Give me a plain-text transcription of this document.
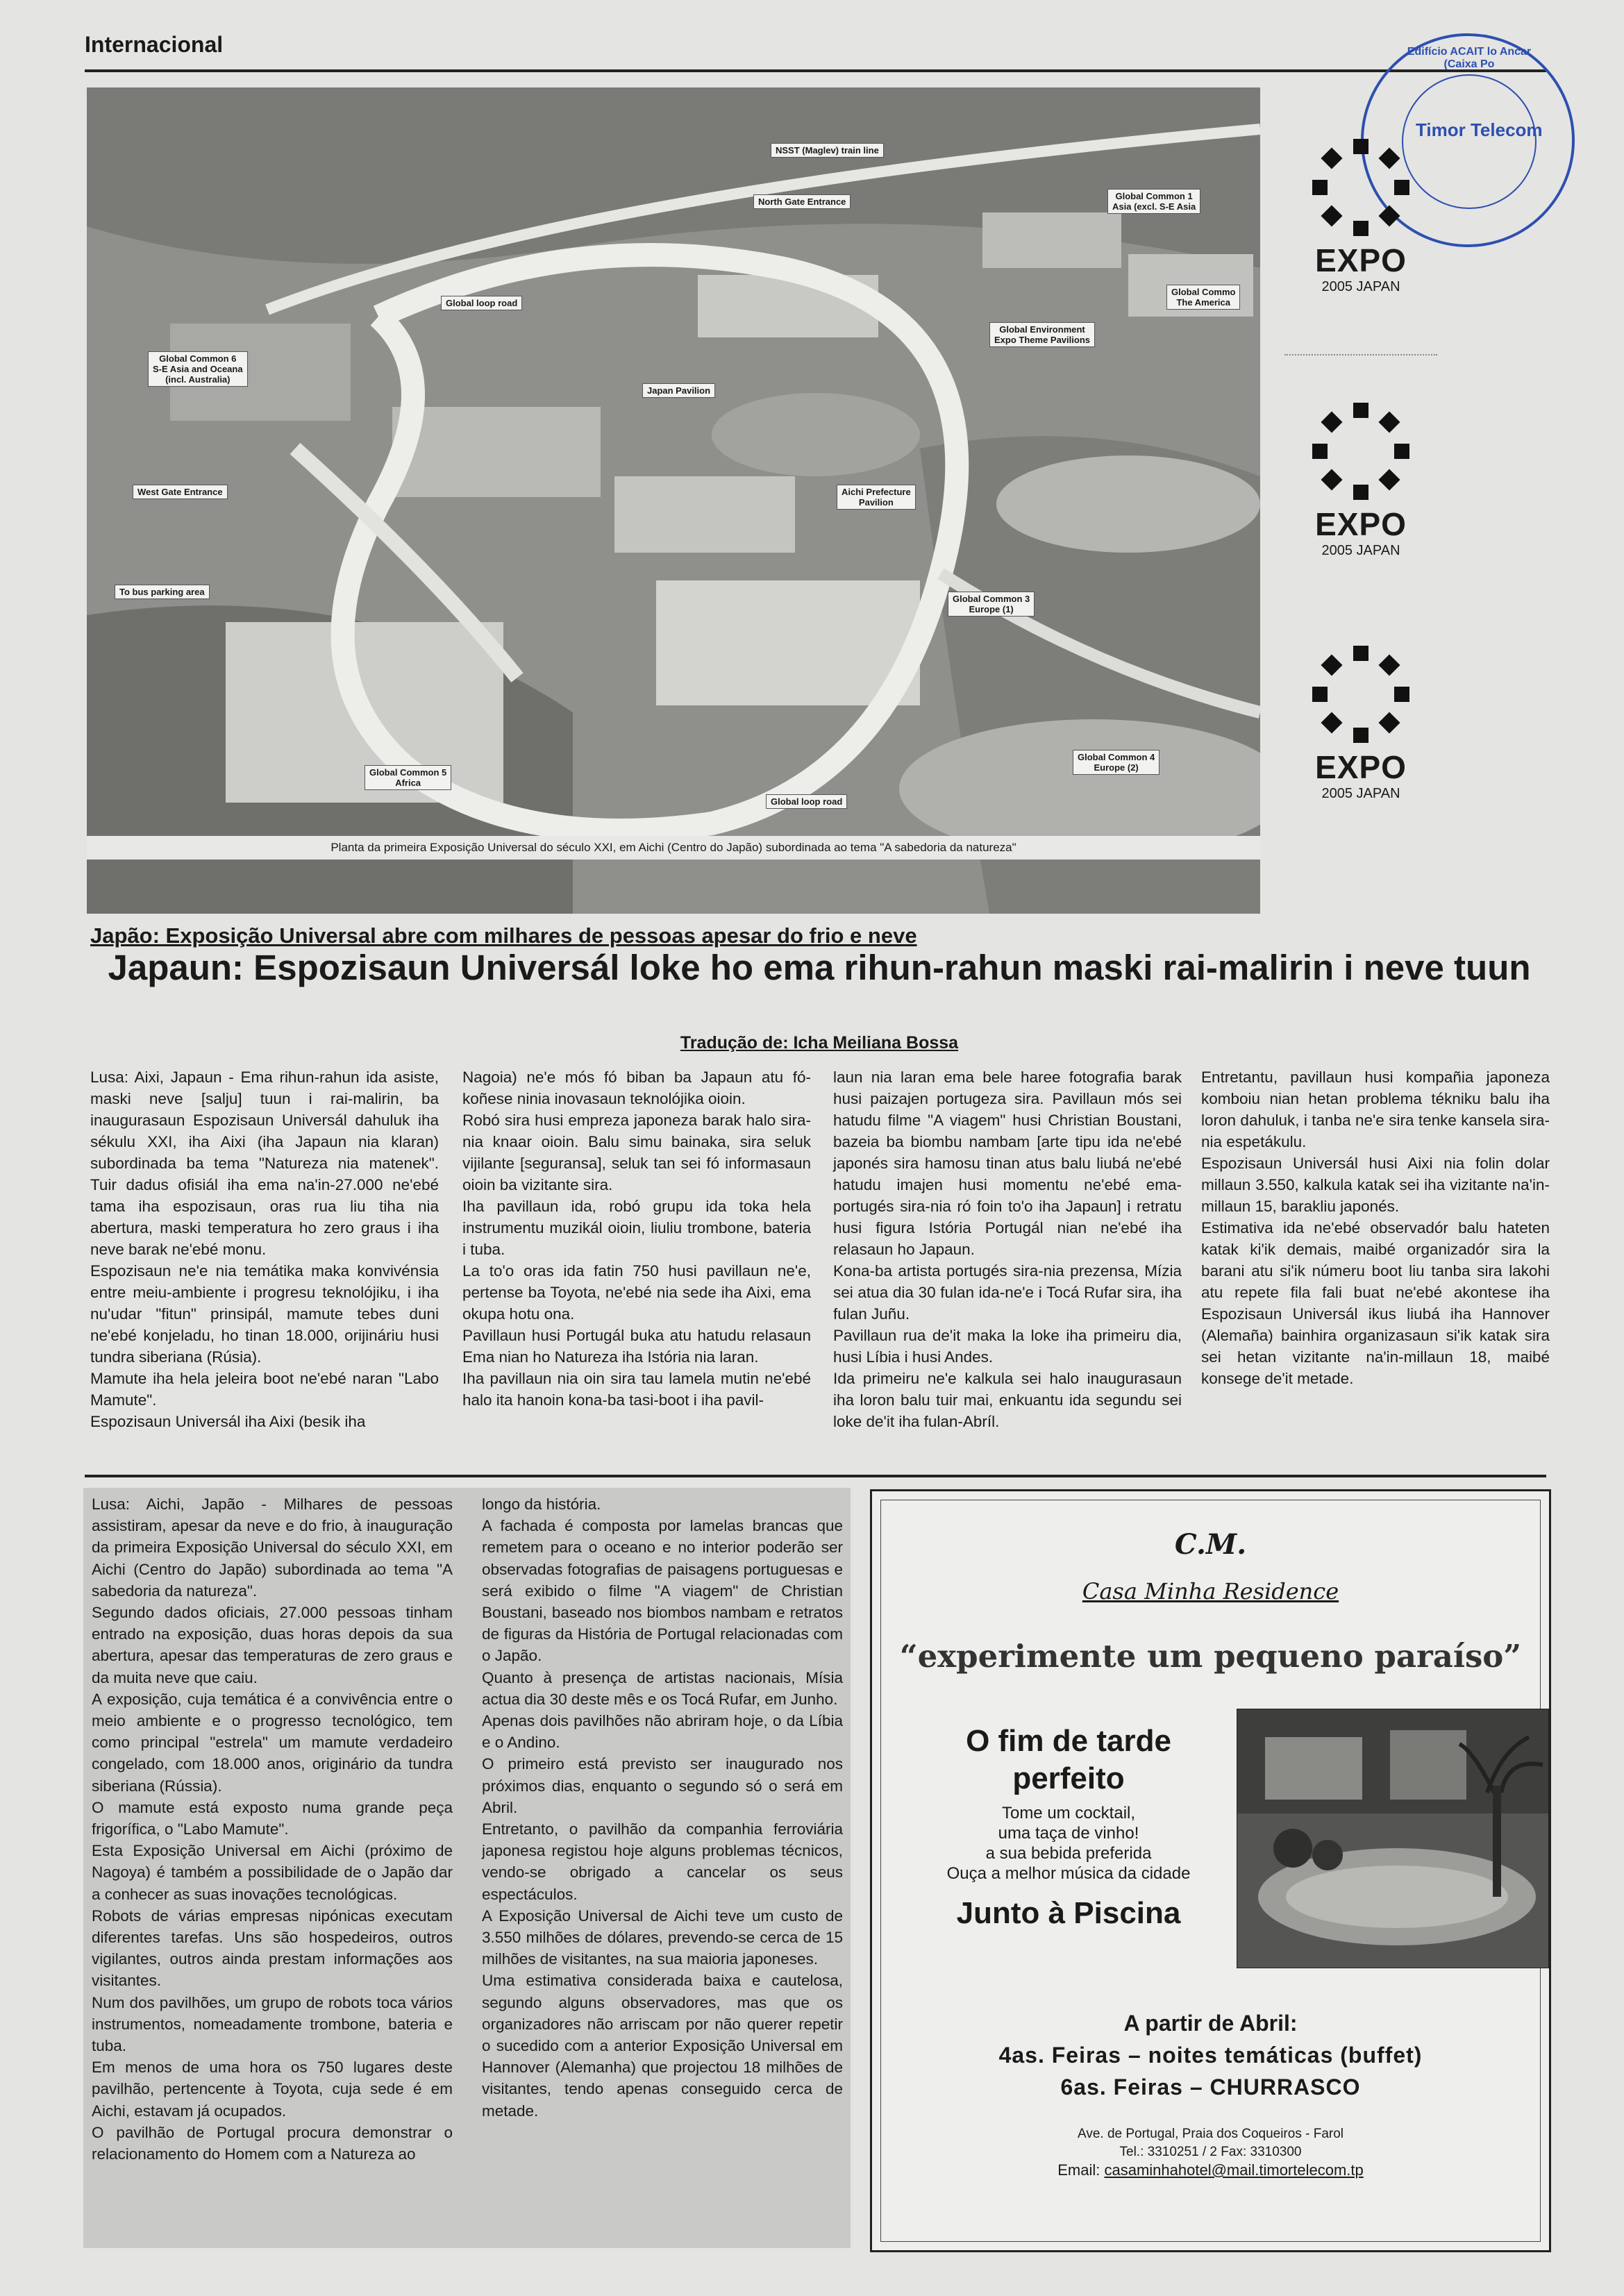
Internacional
NSST (Maglev) train line
North Gate Entrance
Global Common 1
Asia (excl. S-E Asia
Global Commo
The America
Global loop road
Global Environment
Expo Theme Pavilions
Global Common 6
S-E Asia and Oceana
(incl. Australia)
Japan Pavilion
West Gate Entrance	Aichi Prefecture
Pavilion
To bus parking area
Global Common 3
Europe (1)
Global Common 5
Africa
Global Common 4
Europe (2)
Global loop road
Planta da primeira Exposição Universal do século XXI, em Aichi (Centro do Japão) subordinada ao tema "A sabedoria da natureza"
Edifício ACAIT lo Ancar (Caixa Po
Timor Telecom
EXPO
2005 JAPAN
EXPO
2005 JAPAN
EXPO
2005 JAPAN
Japão: Exposição Universal abre com milhares de pessoas apesar do frio e neve
Japaun: Espozisaun Universál loke ho ema rihun-rahun maski rai-malirin i neve tuun
Tradução de: Icha Meiliana Bossa

Lusa: Aixi, Japaun - Ema rihun-rahun ida asiste, maski neve [salju] tuun i rai-malirin, ba inaugurasaun Espozisaun Universál dahuluk iha sékulu XXI, iha Aixi (iha Japaun nia klaran) subordinada ba tema "Natureza nia matenek". Tuir dadus ofisiál iha ema na'in-27.000 ne'ebé tama iha espozisaun, oras rua liu tiha nia abertura, maski temperatura ho zero graus i iha neve barak ne'ebé monu.

Espozisaun ne'e nia temátika maka konvivénsia entre meiu-ambiente i progresu teknolójiku, i iha nu'udar "fitun" prinsipál, mamute tebes duni ne'ebé konjeladu, ho tinan 18.000, orijináriu husi tundra siberiana (Rúsia).

Mamute iha hela jeleira boot ne'ebé naran "Labo Mamute".

Espozisaun Universál iha Aixi (besik iha

Nagoia) ne'e mós fó biban ba Japaun atu fó-koñese ninia inovasaun teknolójika oioin.

Robó sira husi empreza japoneza barak halo sira-nia knaar oioin. Balu simu bainaka, sira seluk vijilante [seguransa], seluk tan sei fó informasaun oioin ba vizitante sira.

Iha pavillaun ida, robó grupu ida toka hela instrumentu muzikál oioin, liuliu trombone, bateria i tuba.

La to'o oras ida fatin 750 husi pavillaun ne'e, pertense ba Toyota, ne'ebé nia sede iha Aixi, ema okupa hotu ona.

Pavillaun husi Portugál buka atu hatudu relasaun Ema nian ho Natureza iha Istória nia laran.

Iha pavillaun nia oin sira tau lamela mutin ne'ebé halo ita hanoin kona-ba tasi-boot i iha pavil-

laun nia laran ema bele haree fotografia barak husi paizajen portugeza sira. Pavillaun mós sei hatudu filme "A viagem" husi Christian Boustani, bazeia ba biombu nambam [arte tipu ida ne'ebé japonés sira hamosu tinan atus balu liubá ne'ebé hatudu imajen husi momentu ne'ebé ema-portugés sira-nia ró foin to'o iha Japaun] i retratu husi figura Istória Portugál nian ne'ebé iha relasaun ho Japaun.

Kona-ba artista portugés sira-nia prezensa, Mízia sei atua dia 30 fulan ida-ne'e i Tocá Rufar sira, iha fulan Juñu.

Pavillaun rua de'it maka la loke iha primeiru dia, husi Líbia i husi Andes.

Ida primeiru ne'e kalkula sei halo inaugurasaun iha loron balu tuir mai, enkuantu ida segundu sei loke de'it iha fulan-Abríl.

Entretantu, pavillaun husi kompañia japoneza komboiu nian hetan problema tékniku balu iha loron dahuluk, i tanba ne'e sira tenke kansela sira-nia espetákulu.

Espozisaun Universál husi Aixi nia folin dolar millaun 3.550, kalkula katak sei iha vizitante na'in- millaun 15, barakliu japonés.

Estimativa ida ne'ebé observadór balu hateten katak ki'ik demais, maibé organizadór sira la barani atu si'ik númeru boot liu tanba sira lakohi atu repete fila fali buat ne'ebé akontese iha Espozisaun Universál ikus liubá iha Hannover (Alemaña) bainhira organizasaun si'ik katak sira sei hetan vizitante na'in-millaun 18, maibé konsege de'it metade.

Lusa: Aichi, Japão - Milhares de pessoas assistiram, apesar da neve e do frio, à inauguração da primeira Exposição Universal do século XXI, em Aichi (Centro do Japão) subordinada ao tema "A sabedoria da natureza".

Segundo dados oficiais, 27.000 pessoas tinham entrado na exposição, duas horas depois da sua abertura, apesar das temperaturas de zero graus e da muita neve que caiu.

A exposição, cuja temática é a convivência entre o meio ambiente e o progresso tecnológico, tem como principal "estrela" um mamute verdadeiro congelado, com 18.000 anos, originário da tundra siberiana (Rússia).

O mamute está exposto numa grande peça frigorífica, o "Labo Mamute".

Esta Exposição Universal em Aichi (próximo de Nagoya) é também a possibilidade de o Japão dar a conhecer as suas inovações tecnológicas.

Robots de várias empresas nipónicas executam diferentes tarefas. Uns são hospedeiros, outros vigilantes, outros ainda prestam informações aos visitantes.

Num dos pavilhões, um grupo de robots toca vários instrumentos, nomeadamente trombone, bateria e tuba.

Em menos de uma hora os 750 lugares deste pavilhão, pertencente à Toyota, cuja sede é em Aichi, estavam já ocupados.

O pavilhão de Portugal procura demonstrar o relacionamento do Homem com a Natureza ao

longo da história.

A fachada é composta por lamelas brancas que remetem para o oceano e no interior poderão ser observadas fotografias de paisagens portuguesas e será exibido o filme "A viagem" de Christian Boustani, baseado nos biombos nambam e retratos de figuras da História de Portugal relacionadas com o Japão.

Quanto à presença de artistas nacionais, Mísia actua dia 30 deste mês e os Tocá Rufar, em Junho.

Apenas dois pavilhões não abriram hoje, o da Líbia e o Andino.

O primeiro está previsto ser inaugurado nos próximos dias, enquanto o segundo só o será em Abril.

Entretanto, o pavilhão da companhia ferroviária japonesa registou hoje alguns problemas técnicos, vendo-se obrigado a cancelar os seus espectáculos.

A Exposição Universal de Aichi teve um custo de 3.550 milhões de dólares, prevendo-se cerca de 15 milhões de visitantes, na sua maioria japoneses.

Uma estimativa considerada baixa e cautelosa, segundo alguns observadores, mas que os organizadores não arriscam por não querer repetir o sucedido com a anterior Exposição Universal em Hannover (Alemanha) que projectou 18 milhões de visitantes, tendo apenas conseguido cerca de metade.

C.M.
Casa Minha Residence
“experimente um pequeno paraíso”
O fim de tarde
perfeito
Tome um cocktail,
uma taça de vinho!
a sua bebida preferida
Ouça a melhor música da cidade
Junto à Piscina
A partir de Abril:
4as. Feiras – noites temáticas (buffet)
6as. Feiras – CHURRASCO
Ave. de Portugal, Praia dos Coqueiros - Farol
Tel.: 3310251 / 2 Fax: 3310300
Email: casaminhahotel@mail.timortelecom.tp
